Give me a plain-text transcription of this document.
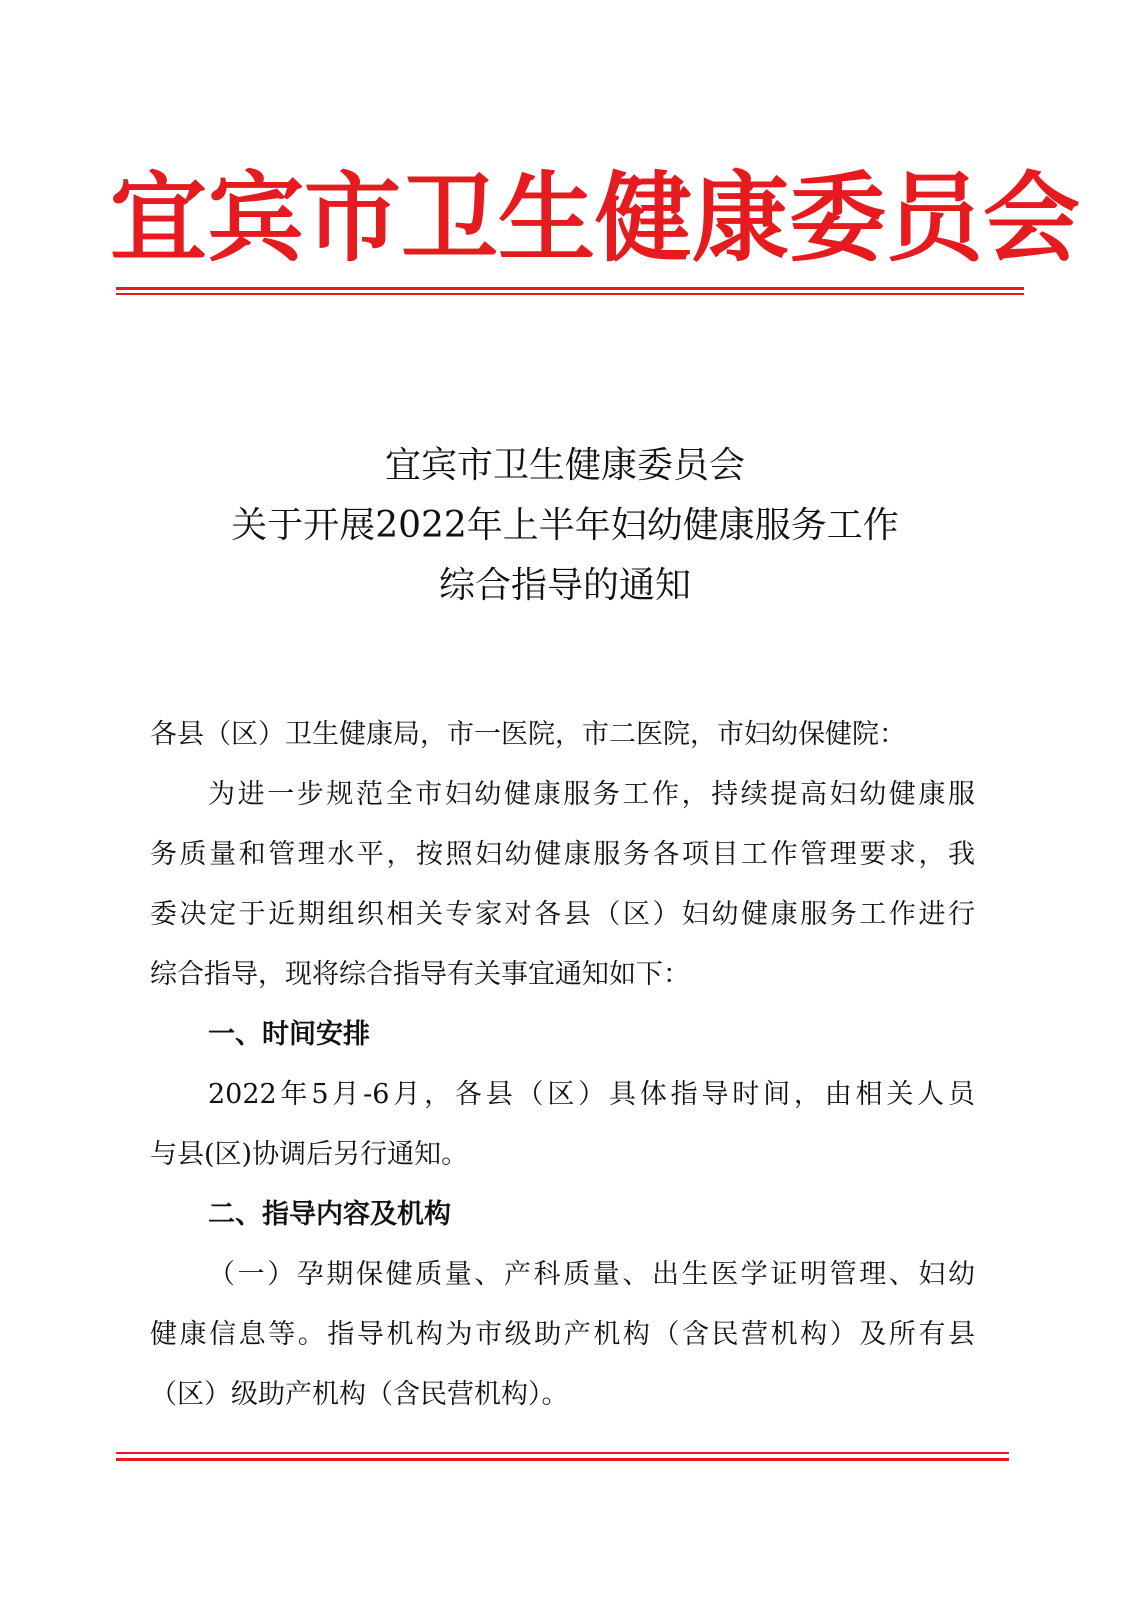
宜宾市卫生健康委员会
宜宾市卫生健康委员会
关于开展2022年上半年妇幼健康服务工作
综合指导的通知
各县（区）卫生健康局，市一医院，市二医院，市妇幼保健院：
为进一步规范全市妇幼健康服务工作，持续提高妇幼健康服
务质量和管理水平，按照妇幼健康服务各项目工作管理要求，我
委决定于近期组织相关专家对各县（区）妇幼健康服务工作进行
综合指导，现将综合指导有关事宜通知如下：
一、时间安排
2022年5月-6月，各县（区）具体指导时间，由相关人员
与县(区)协调后另行通知。
二、指导内容及机构
（一）孕期保健质量、产科质量、出生医学证明管理、妇幼
健康信息等。指导机构为市级助产机构（含民营机构）及所有县
（区）级助产机构（含民营机构）。
